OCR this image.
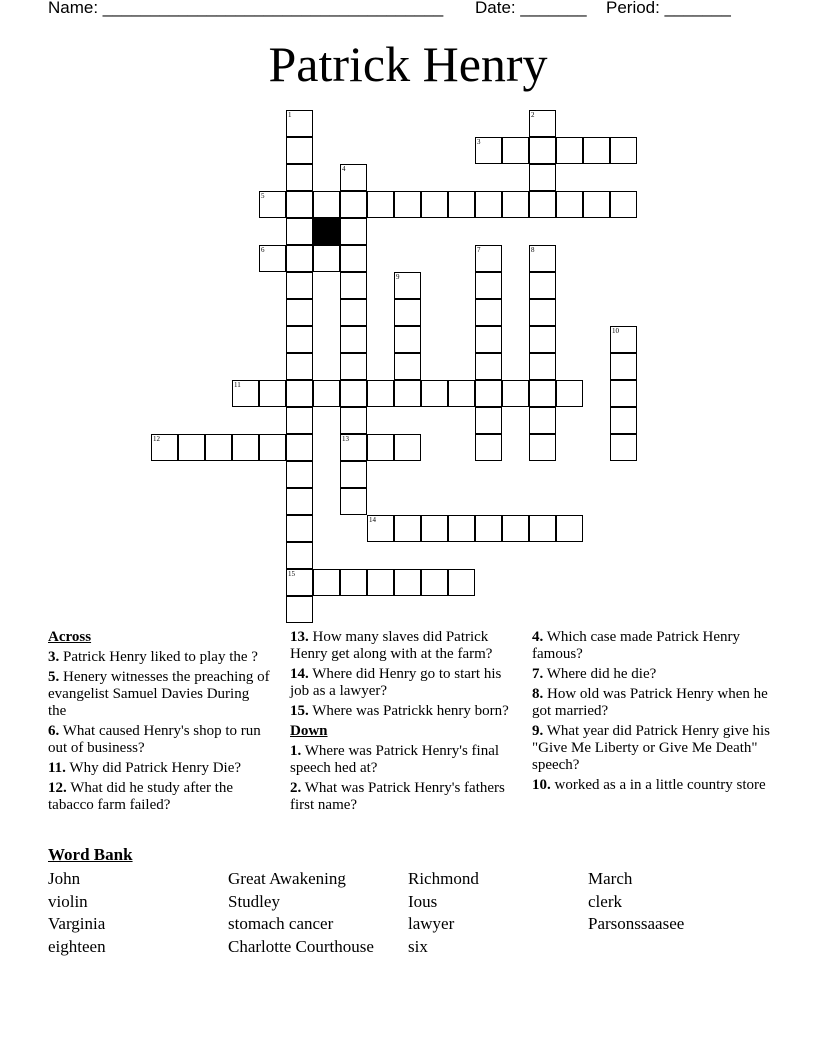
Name: ____________________________________ Date: _______ Period: _______
Patrick Henry
1
15
2
3
4
13
5
6	7	8
9
10
11
12
14
Across
3. Patrick Henry liked to play the ?
5. Henery witnesses the preaching of evangelist Samuel Davies During the
6. What caused Henry's shop to run out of business?
11. Why did Patrick Henry Die?
12. What did he study after the tabacco farm failed?
13. How many slaves did Patrick Henry get along with at the farm?
14. Where did Henry go to start his job as a lawyer?
15. Where was Patrickk henry born?
Down
1. Where was Patrick Henry's final speech hed at?
2. What was Patrick Henry's fathers first name?
4. Which case made Patrick Henry famous?
7. Where did he die?
8. How old was Patrick Henry when he got married?
9. What year did Patrick Henry give his "Give Me Liberty or Give Me Death" speech?
10. worked as a in a little country store
Word Bank
John	Great Awakening	Richmond	March
violin	Studley	Ious	clerk
Varginia	stomach cancer	lawyer	Parsonssaasee
eighteen	Charlotte Courthouse	six
